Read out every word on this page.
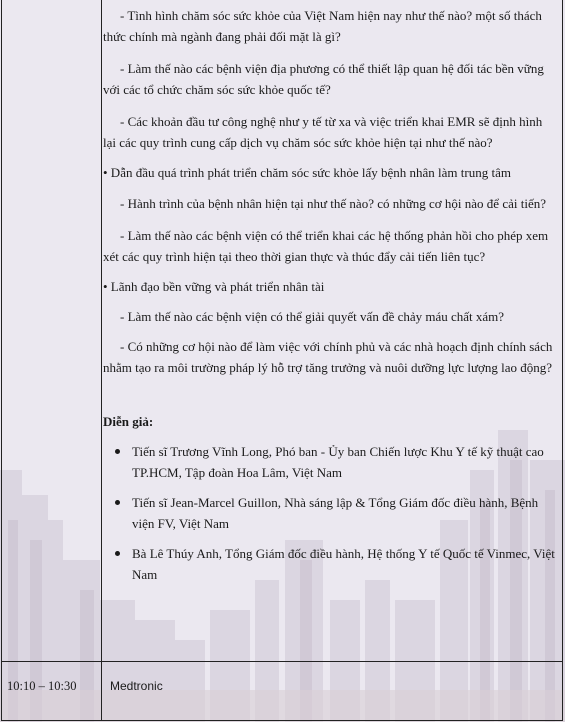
- Tình hình chăm sóc sức khỏe của Việt Nam hiện nay như thế nào? một số thách thức chính mà ngành đang phải đối mặt là gì?

- Làm thế nào các bệnh viện địa phương có thể thiết lập quan hệ đối tác bền vững với các tổ chức chăm sóc sức khỏe quốc tế?

- Các khoản đầu tư công nghệ như y tế từ xa và việc triển khai EMR sẽ định hình lại các quy trình cung cấp dịch vụ chăm sóc sức khỏe hiện tại như thế nào?

• Dẫn đầu quá trình phát triển chăm sóc sức khỏe lấy bệnh nhân làm trung tâm

- Hành trình của bệnh nhân hiện tại như thế nào? có những cơ hội nào để cải tiến?

- Làm thế nào các bệnh viện có thể triển khai các hệ thống phản hồi cho phép xem xét các quy trình hiện tại theo thời gian thực và thúc đẩy cải tiến liên tục?

• Lãnh đạo bền vững và phát triển nhân tài

- Làm thế nào các bệnh viện có thể giải quyết vấn đề chảy máu chất xám?

- Có những cơ hội nào để làm việc với chính phủ và các nhà hoạch định chính sách nhằm tạo ra môi trường pháp lý hỗ trợ tăng trưởng và nuôi dưỡng lực lượng lao động?

Diễn giả:

Tiến sĩ Trương Vĩnh Long, Phó ban - Ủy ban Chiến lược Khu Y tế kỹ thuật cao TP.HCM, Tập đoàn Hoa Lâm, Việt Nam
Tiến sĩ Jean-Marcel Guillon, Nhà sáng lập & Tổng Giám đốc điều hành, Bệnh viện FV, Việt Nam
Bà Lê Thúy Anh, Tổng Giám đốc điều hành, Hệ thống Y tế Quốc tế Vinmec, Việt Nam
10:10 – 10:30	Medtronic
